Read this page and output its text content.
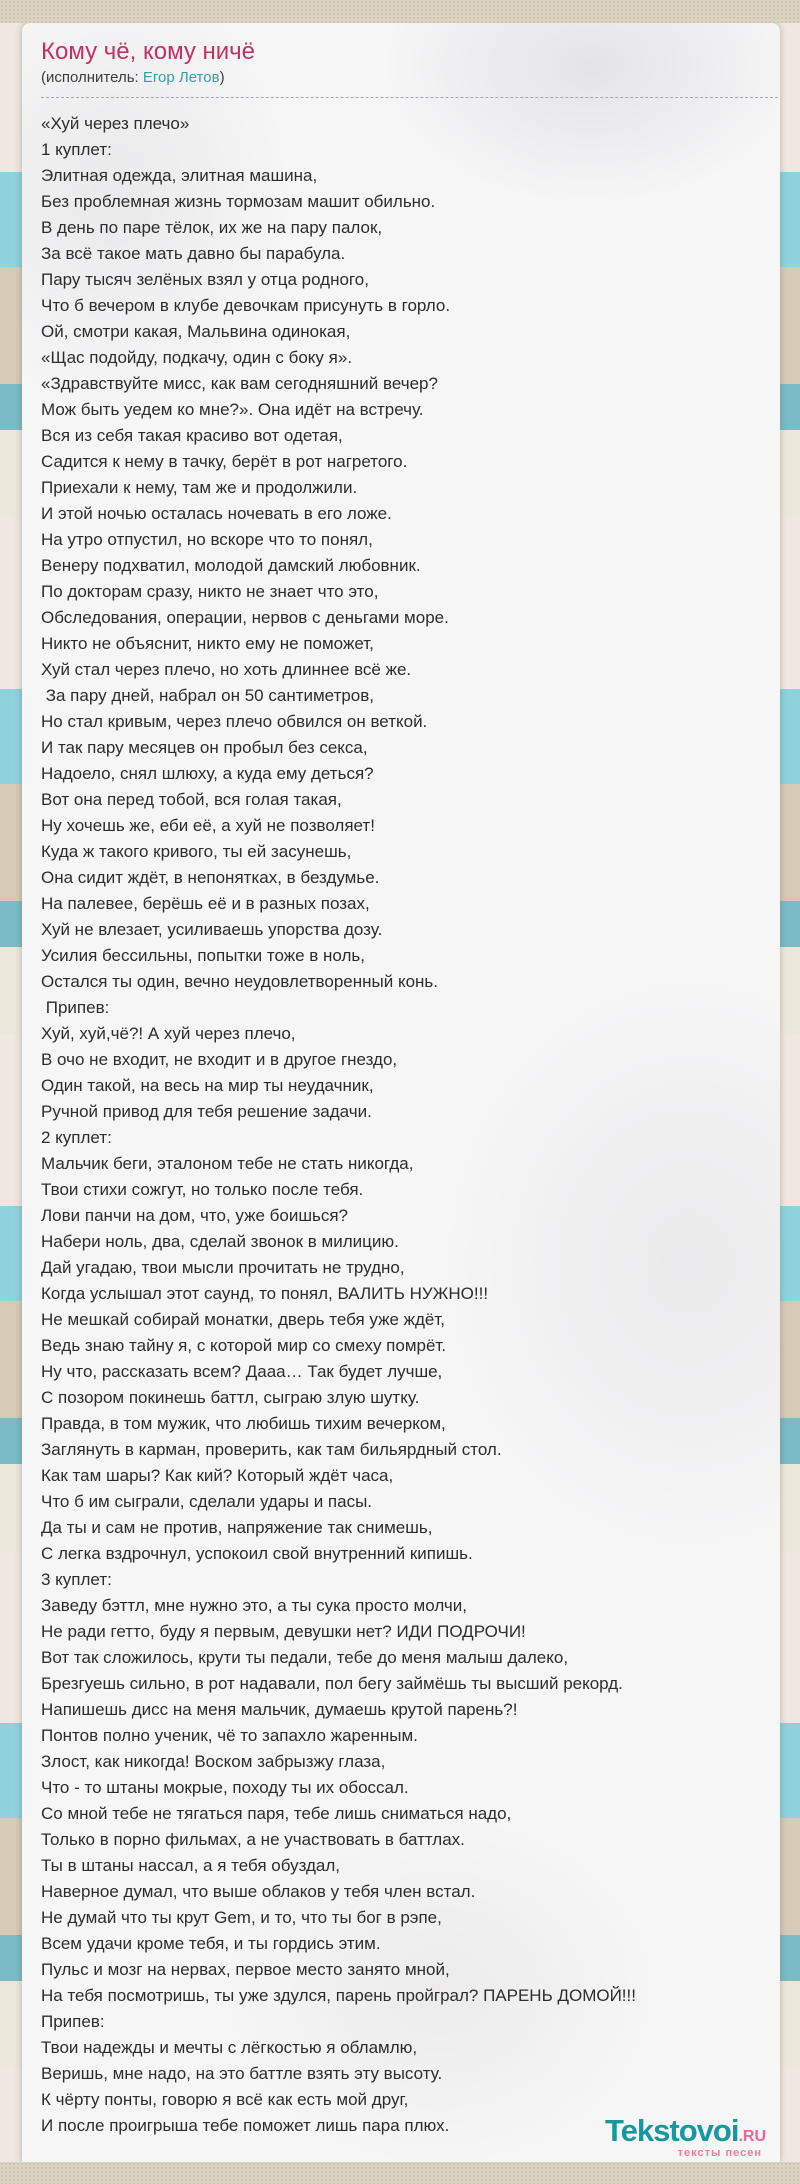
Кому чё, кому ничё
(исполнитель: Егор Летов)
«Хуй через плечо»
1 куплет:
Элитная одежда, элитная машина,
Без проблемная жизнь тормозам машит обильно.
В день по паре тёлок, их же на пару палок,
За всё такое мать давно бы парабула.
Пару тысяч зелёных взял у отца родного,
Что б вечером в клубе девочкам присунуть в горло.
Ой, смотри какая, Мальвина одинокая,
«Щас подойду, подкачу, один с боку я».
«Здравствуйте мисс, как вам сегодняшний вечер?
Мож быть уедем ко мне?». Она идёт на встречу.
Вся из себя такая красиво вот одетая,
Садится к нему в тачку, берёт в рот нагретого.
Приехали к нему, там же и продолжили.
И этой ночью осталась ночевать в его ложе.
На утро отпустил, но вскоре что то понял,
Венеру подхватил, молодой дамский любовник.
По докторам сразу, никто не знает что это,
Обследования, операции, нервов с деньгами море.
Никто не объяснит, никто ему не поможет,
Хуй стал через плечо, но хоть длиннее всё же.
За пару дней, набрал он 50 сантиметров,
Но стал кривым, через плечо обвился он веткой.
И так пару месяцев он пробыл без секса,
Надоело, снял шлюху, а куда ему деться?
Вот она перед тобой, вся голая такая,
Ну хочешь же, еби её, а хуй не позволяет!
Куда ж такого кривого, ты ей засунешь,
Она сидит ждёт, в непонятках, в бездумье.
На палевее, берёшь её и в разных позах,
Хуй не влезает, усиливаешь упорства дозу.
Усилия бессильны, попытки тоже в ноль,
Остался ты один, вечно неудовлетворенный конь.
Припев:
Хуй, хуй,чё?! А хуй через плечо,
В очо не входит, не входит и в другое гнездо,
Один такой, на весь на мир ты неудачник,
Ручной привод для тебя решение задачи.
2 куплет:
Мальчик беги, эталоном тебе не стать никогда,
Твои стихи сожгут, но только после тебя.
Лови панчи на дом, что, уже боишься?
Набери ноль, два, сделай звонок в милицию.
Дай угадаю, твои мысли прочитать не трудно,
Когда услышал этот саунд, то понял, ВАЛИТЬ НУЖНО!!!
Не мешкай собирай монатки, дверь тебя уже ждёт,
Ведь знаю тайну я, с которой мир со смеху помрёт.
Ну что, рассказать всем? Дааа… Так будет лучше,
С позором покинешь баттл, сыграю злую шутку.
Правда, в том мужик, что любишь тихим вечерком,
Заглянуть в карман, проверить, как там бильярдный стол.
Как там шары? Как кий? Который ждёт часа,
Что б им сыграли, сделали удары и пасы.
Да ты и сам не против, напряжение так снимешь,
С легка вздрочнул, успокоил свой внутренний кипишь.
3 куплет:
Заведу бэттл, мне нужно это, а ты сука просто молчи,
Не ради гетто, буду я первым, девушки нет? ИДИ ПОДРОЧИ!
Вот так сложилось, крути ты педали, тебе до меня малыш далеко,
Брезгуешь сильно, в рот надавали, пол бегу займёшь ты высший рекорд.
Напишешь дисс на меня мальчик, думаешь крутой парень?!
Понтов полно ученик, чё то запахло жаренным.
Злост, как никогда! Воском забрызжу глаза,
Что - то штаны мокрые, походу ты их обоссал.
Со мной тебе не тягаться паря, тебе лишь сниматься надо,
Только в порно фильмах, а не участвовать в баттлах.
Ты в штаны нассал, а я тебя обуздал,
Наверное думал, что выше облаков у тебя член встал.
Не думай что ты крут Gem, и то, что ты бог в рэпе,
Всем удачи кроме тебя, и ты гордись этим.
Пульс и мозг на нервах, первое место занято мной,
На тебя посмотришь, ты уже здулся, парень пройграл? ПАРЕНЬ ДОМОЙ!!!
Припев:
Твои надежды и мечты с лёгкостью я обламлю,
Веришь, мне надо, на это баттле взять эту высоту.
К чёрту понты, говорю я всё как есть мой друг,
И после проигрыша тебе поможет лишь пара плюх.	Tekstovoi.RU
тексты песен
